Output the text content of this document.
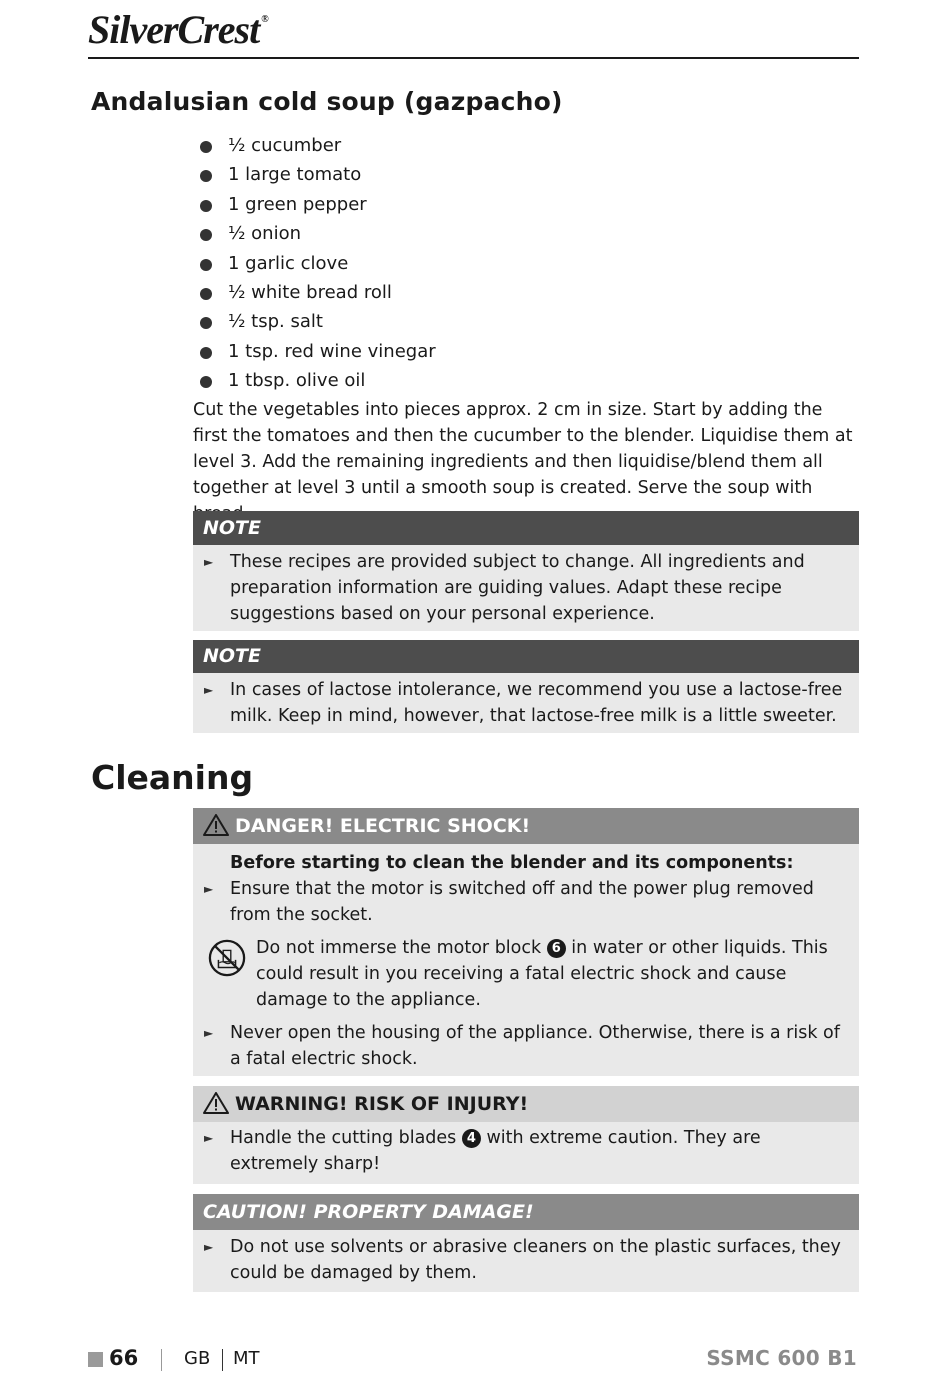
SilverCrest ®
Andalusian cold soup (gazpacho)
½ cucumber
1 large tomato
1 green pepper
½ onion
1 garlic clove
½ white bread roll
½ tsp. salt
1 tsp. red wine vinegar
1 tbsp. olive oil

Cut the vegetables into pieces approx. 2 cm in size. Start by adding the first the tomatoes and then the cucumber to the blender. Liquidise them at level 3. Add the remaining ingredients and then liquidise/blend them all together at level 3 until a smooth soup is created. Serve the soup with

NOTE
► These recipes are provided subject to change. All ingredients and preparation information are guiding values. Adapt these recipe suggestions based on your personal experience.
NOTE
► In cases of lactose intolerance, we recommend you use a lactose-free milk. Keep in mind, however, that lactose-free milk is a little sweeter.
Cleaning
DANGER! ELECTRIC SHOCK!
Before starting to clean the blender and its components:
► Ensure that the motor is switched off and the power plug removed from the socket.
Do not immerse the motor block 6 in water or other liquids. This could result in you receiving a fatal electric shock and cause damage to the appliance.
► Never open the housing of the appliance. Otherwise, there is a risk of a fatal electric shock.
WARNING! RISK OF INJURY!
► Handle the cutting blades 4 with extreme caution. They are extremely sharp!
CAUTION! PROPERTY DAMAGE!
► Do not use solvents or abrasive cleaners on the plastic surfaces, they could be damaged by them.
66	GB MT	SSMC 600 B1
